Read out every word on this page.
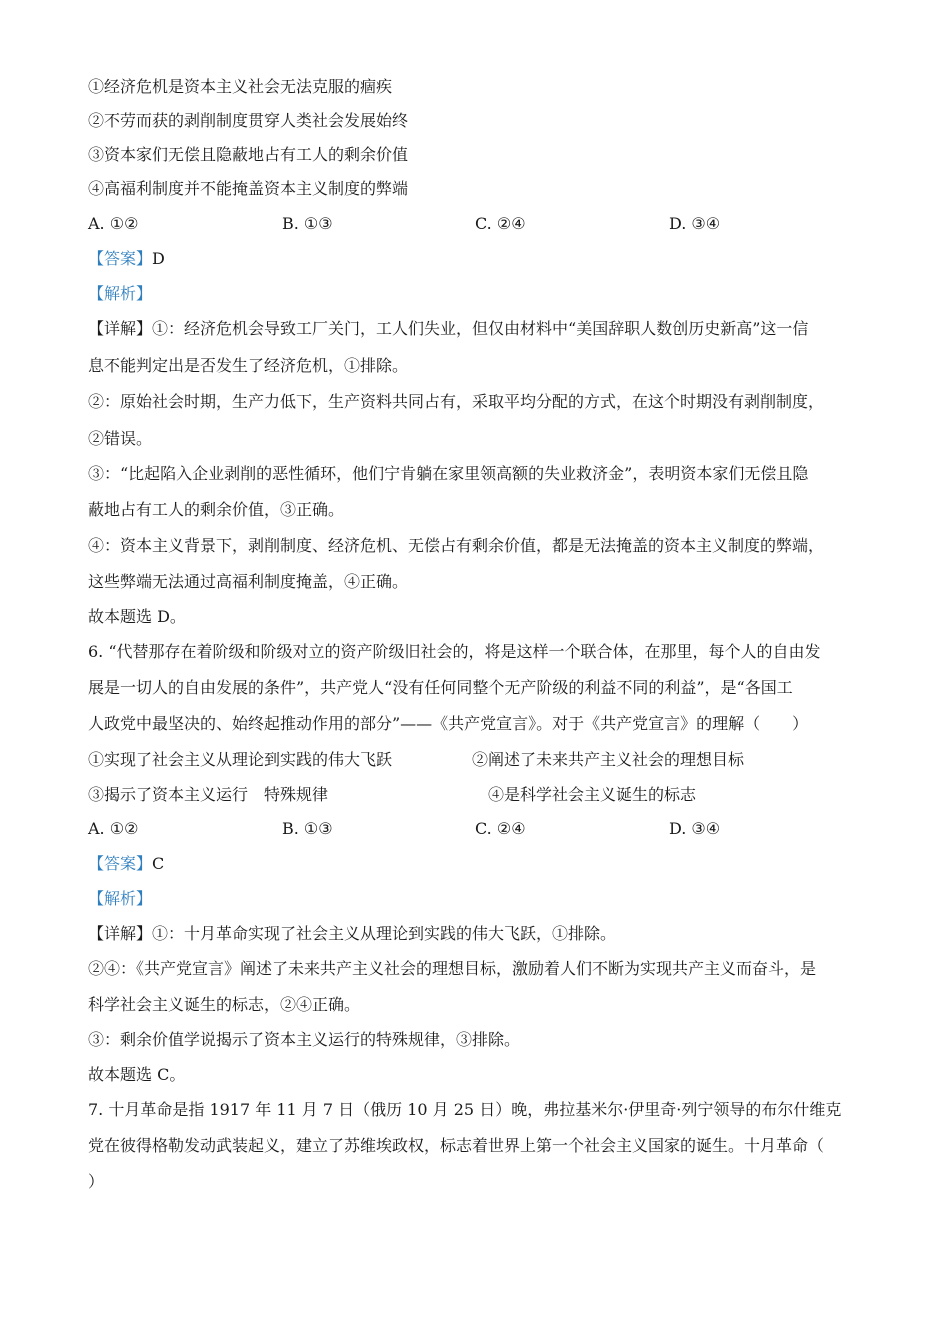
①经济危机是资本主义社会无法克服的痼疾
②不劳而获的剥削制度贯穿人类社会发展始终
③资本家们无偿且隐蔽地占有工人的剩余价值
④高福利制度并不能掩盖资本主义制度的弊端
A. ①②	B. ①③	C. ②④	D. ③④
【答案】D
【解析】
【详解】①：经济危机会导致工厂关门，工人们失业，但仅由材料中“美国辞职人数创历史新高”这一信
息不能判定出是否发生了经济危机，①排除。
②：原始社会时期，生产力低下，生产资料共同占有，采取平均分配的方式，在这个时期没有剥削制度，
②错误。
③：“比起陷入企业剥削的恶性循环，他们宁肯躺在家里领高额的失业救济金”，表明资本家们无偿且隐
蔽地占有工人的剩余价值，③正确。
④：资本主义背景下，剥削制度、经济危机、无偿占有剩余价值，都是无法掩盖的资本主义制度的弊端，
这些弊端无法通过高福利制度掩盖，④正确。
故本题选 D。
6. “代替那存在着阶级和阶级对立的资产阶级旧社会的，将是这样一个联合体，在那里，每个人的自由发
展是一切人的自由发展的条件”，共产党人“没有任何同整个无产阶级的利益不同的利益”，是“各国工
人政党中最坚决的、始终起推动作用的部分”——《共产党宣言》。对于《共产党宣言》的理解（　　）
①实现了社会主义从理论到实践的伟大飞跃	②阐述了未来共产主义社会的理想目标
③揭示了资本主义运行　特殊规律	④是科学社会主义诞生的标志
A. ①②	B. ①③	C. ②④	D. ③④
【答案】C
【解析】
【详解】①：十月革命实现了社会主义从理论到实践的伟大飞跃，①排除。
②④：《共产党宣言》阐述了未来共产主义社会的理想目标，激励着人们不断为实现共产主义而奋斗，是
科学社会主义诞生的标志，②④正确。
③：剩余价值学说揭示了资本主义运行的特殊规律，③排除。
故本题选 C。
7. 十月革命是指 1917 年 11 月 7 日（俄历 10 月 25 日）晚，弗拉基米尔·伊里奇·列宁领导的布尔什维克
党在彼得格勒发动武装起义，建立了苏维埃政权，标志着世界上第一个社会主义国家的诞生。十月革命（
）
